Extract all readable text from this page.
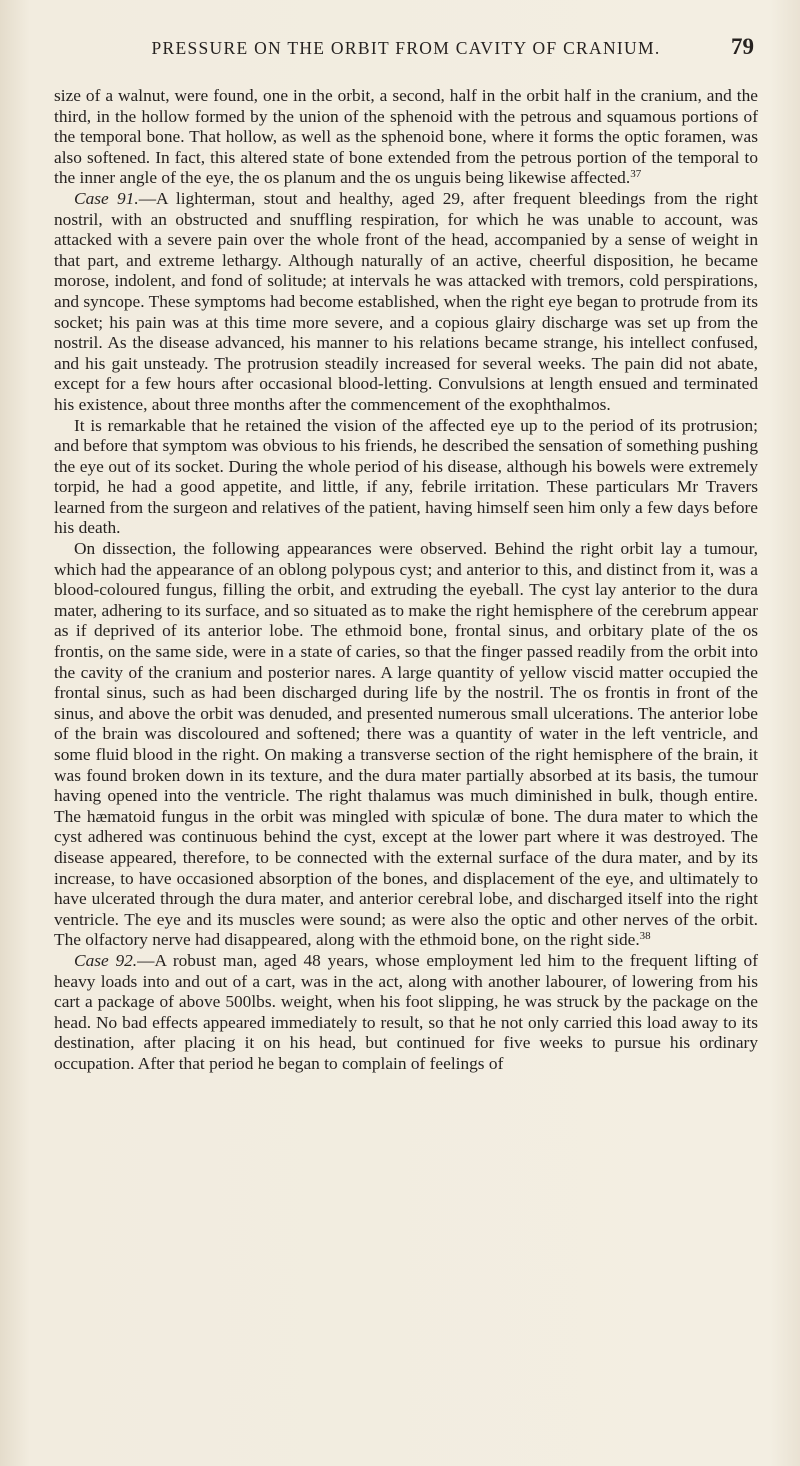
PRESSURE ON THE ORBIT FROM CAVITY OF CRANIUM.	79

size of a walnut, were found, one in the orbit, a second, half in the orbit half in the cranium, and the third, in the hollow formed by the union of the sphenoid with the petrous and squamous portions of the temporal bone. That hollow, as well as the sphenoid bone, where it forms the optic foramen, was also softened. In fact, this altered state of bone extended from the petrous portion of the temporal to the inner angle of the eye, the os planum and the os unguis being likewise affected.$^{37}$

Case 91.—A lighterman, stout and healthy, aged 29, after frequent bleedings from the right nostril, with an obstructed and snuffling respiration, for which he was unable to account, was attacked with a severe pain over the whole front of the head, accompanied by a sense of weight in that part, and extreme lethargy. Although naturally of an active, cheerful disposition, he became morose, indolent, and fond of solitude; at intervals he was attacked with tremors, cold perspirations, and syncope. These symptoms had become established, when the right eye began to protrude from its socket; his pain was at this time more severe, and a copious glairy discharge was set up from the nostril. As the disease advanced, his manner to his relations became strange, his intellect confused, and his gait unsteady. The protrusion steadily increased for several weeks. The pain did not abate, except for a few hours after occasional blood-letting. Convulsions at length ensued and terminated his existence, about three months after the commencement of the exophthalmos.

It is remarkable that he retained the vision of the affected eye up to the period of its protrusion; and before that symptom was obvious to his friends, he described the sensation of something pushing the eye out of its socket. During the whole period of his disease, although his bowels were extremely torpid, he had a good appetite, and little, if any, febrile irritation. These particulars Mr Travers learned from the surgeon and relatives of the patient, having himself seen him only a few days before his death.

On dissection, the following appearances were observed. Behind the right orbit lay a tumour, which had the appearance of an oblong polypous cyst; and anterior to this, and distinct from it, was a blood-coloured fungus, filling the orbit, and extruding the eyeball. The cyst lay anterior to the dura mater, adhering to its surface, and so situated as to make the right hemisphere of the cerebrum appear as if deprived of its anterior lobe. The ethmoid bone, frontal sinus, and orbitary plate of the os frontis, on the same side, were in a state of caries, so that the finger passed readily from the orbit into the cavity of the cranium and posterior nares. A large quantity of yellow viscid matter occupied the frontal sinus, such as had been discharged during life by the nostril. The os frontis in front of the sinus, and above the orbit was denuded, and presented numerous small ulcerations. The anterior lobe of the brain was discoloured and softened; there was a quantity of water in the left ventricle, and some fluid blood in the right. On making a transverse section of the right hemisphere of the brain, it was found broken down in its texture, and the dura mater partially absorbed at its basis, the tumour having opened into the ventricle. The right thalamus was much diminished in bulk, though entire. The hæmatoid fungus in the orbit was mingled with spiculæ of bone. The dura mater to which the cyst adhered was continuous behind the cyst, except at the lower part where it was destroyed. The disease appeared, therefore, to be connected with the external surface of the dura mater, and by its increase, to have occasioned absorption of the bones, and displacement of the eye, and ultimately to have ulcerated through the dura mater, and anterior cerebral lobe, and discharged itself into the right ventricle. The eye and its muscles were sound; as were also the optic and other nerves of the orbit. The olfactory nerve had disappeared, along with the ethmoid bone, on the right side.$^{38}$

Case 92.—A robust man, aged 48 years, whose employment led him to the frequent lifting of heavy loads into and out of a cart, was in the act, along with another labourer, of lowering from his cart a package of above 500lbs. weight, when his foot slipping, he was struck by the package on the head. No bad effects appeared immediately to result, so that he not only carried this load away to its destination, after placing it on his head, but continued for five weeks to pursue his ordinary occupation. After that period he began to complain of feelings of
